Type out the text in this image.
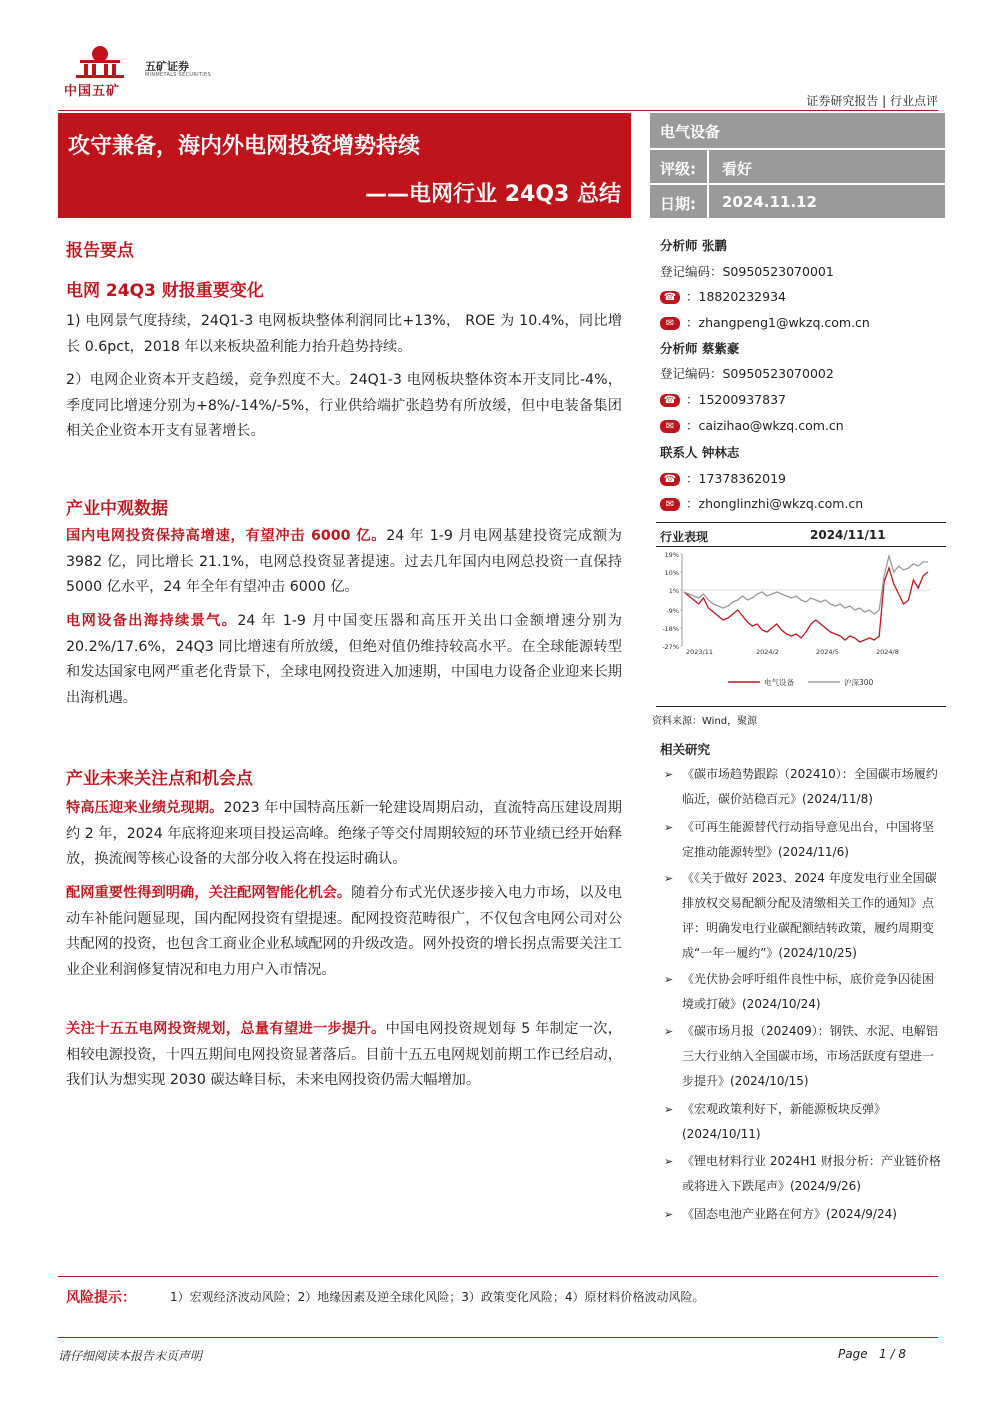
中国五矿
五矿证券
MINMETALS SECURITIES
证券研究报告 | 行业点评
攻守兼备，海内外电网投资增势持续
——电网行业 24Q3 总结
电气设备
评级: 看好
日期: 2024.11.12
报告要点
电网 24Q3 财报重要变化
1) 电网景气度持续，24Q1-3 电网板块整体利润同比+13%， ROE 为 10.4%，同比增长 0.6pct，2018 年以来板块盈利能力抬升趋势持续。
2）电网企业资本开支趋缓，竞争烈度不大。24Q1-3 电网板块整体资本开支同比-4%，季度同比增速分别为+8%/-14%/-5%，行业供给端扩张趋势有所放缓，但中电装备集团相关企业资本开支有显著增长。
产业中观数据
国内电网投资保持高增速，有望冲击 6000 亿。24 年 1-9 月电网基建投资完成额为 3982 亿，同比增长 21.1%，电网总投资显著提速。过去几年国内电网总投资一直保持 5000 亿水平，24 年全年有望冲击 6000 亿。
电网设备出海持续景气。24 年 1-9 月中国变压器和高压开关出口金额增速分别为 20.2%/17.6%，24Q3 同比增速有所放缓，但绝对值仍维持较高水平。在全球能源转型和发达国家电网严重老化背景下，全球电网投资进入加速期，中国电力设备企业迎来长期出海机遇。
产业未来关注点和机会点
特高压迎来业绩兑现期。2023 年中国特高压新一轮建设周期启动，直流特高压建设周期约 2 年，2024 年底将迎来项目投运高峰。绝缘子等交付周期较短的环节业绩已经开始释放，换流阀等核心设备的大部分收入将在投运时确认。
配网重要性得到明确，关注配网智能化机会。随着分布式光伏逐步接入电力市场，以及电动车补能问题显现，国内配网投资有望提速。配网投资范畴很广，不仅包含电网公司对公共配网的投资，也包含工商业企业私域配网的升级改造。网外投资的增长拐点需要关注工业企业利润修复情况和电力用户入市情况。
关注十五五电网投资规划，总量有望进一步提升。中国电网投资规划每 5 年制定一次，相较电源投资，十四五期间电网投资显著落后。目前十五五电网规划前期工作已经启动，我们认为想实现 2030 碳达峰目标，未来电网投资仍需大幅增加。
分析师 张鹏
登记编码：S0950523070001
☎ ：18820232934
✉ ：zhangpeng1@wkzq.com.cn
分析师 蔡紫豪
登记编码：S0950523070002
☎ ：15200937837
✉ ：caizihao@wkzq.com.cn
联系人 钟林志
☎ ：17378362019
✉ ：zhonglinzhi@wkzq.com.cn
行业表现	2024/11/11
19%
10%
1%
-9%
-18%
-27%
2023/11	2024/2	2024/5	2024/8
电气设备	沪深300
资料来源：Wind，聚源
相关研究
➢ 《碳市场趋势跟踪（202410）：全国碳市场履约临近，碳价站稳百元》(2024/11/8)
➢ 《可再生能源替代行动指导意见出台，中国将坚定推动能源转型》(2024/11/6)
➢ 《《关于做好 2023、2024 年度发电行业全国碳排放权交易配额分配及清缴相关工作的通知》点评：明确发电行业碳配额结转政策，履约周期变成“一年一履约”》(2024/10/25)
➢ 《光伏协会呼吁组件良性中标，底价竞争囚徒困境或打破》(2024/10/24)
➢ 《碳市场月报（202409）：钢铁、水泥、电解铝三大行业纳入全国碳市场，市场活跃度有望进一步提升》(2024/10/15)
➢ 《宏观政策利好下，新能源板块反弹》(2024/10/11)
➢ 《锂电材料行业 2024H1 财报分析：产业链价格或将进入下跌尾声》(2024/9/26)
➢ 《固态电池产业路在何方》(2024/9/24)
风险提示：	1）宏观经济波动风险；2）地缘因素及逆全球化风险；3）政策变化风险；4）原材料价格波动风险。
请仔细阅读本报告末页声明	Page 1 / 8
